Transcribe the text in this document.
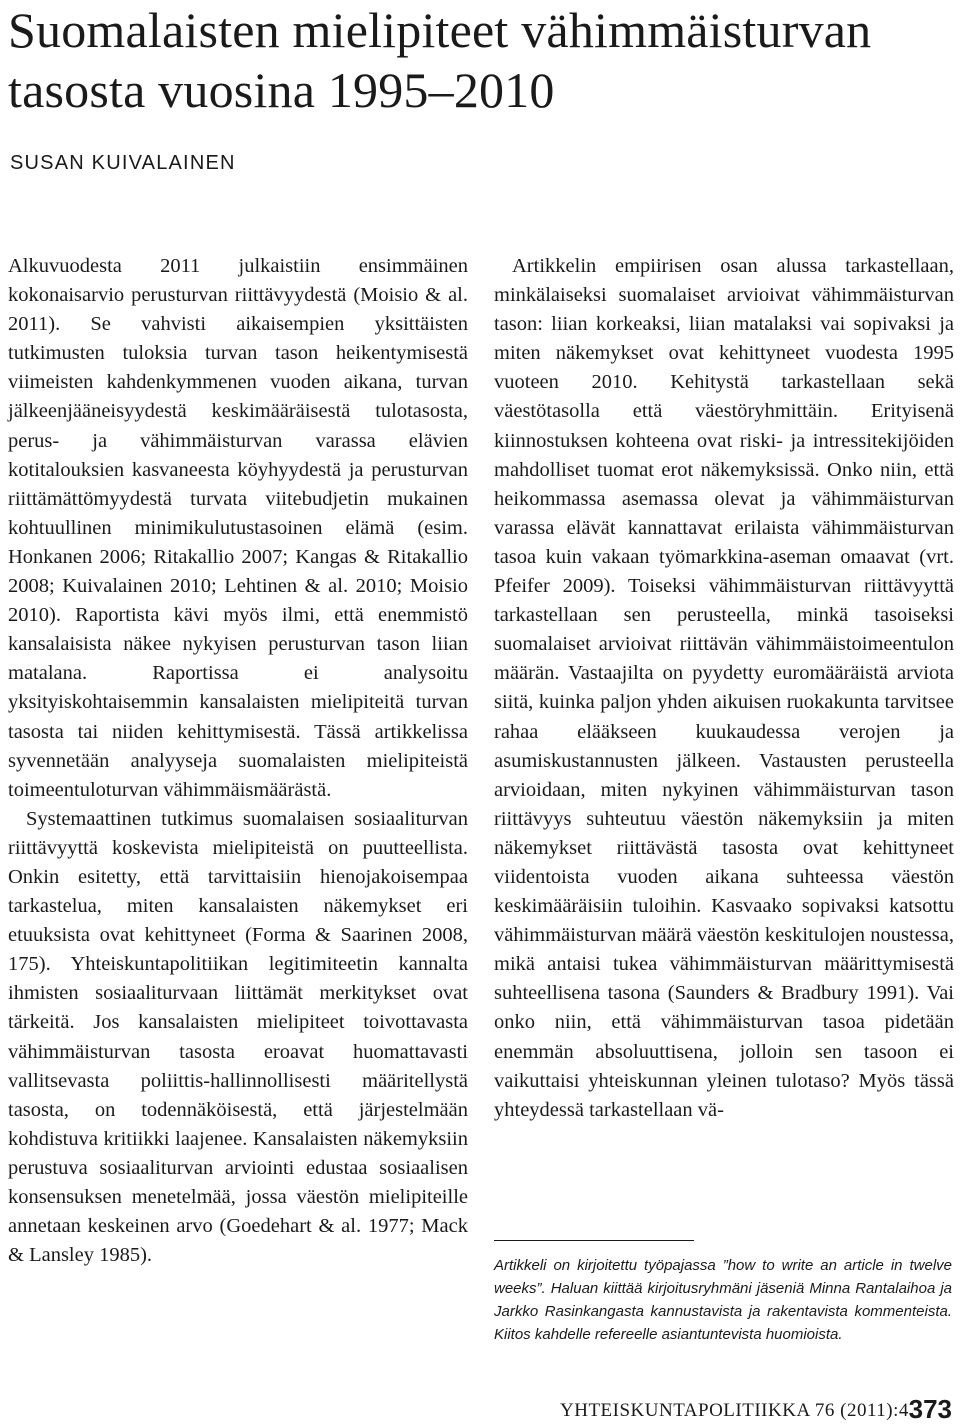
Suomalaisten mielipiteet vähimmäisturvan tasosta vuosina 1995–2010
SUSAN KUIVALAINEN

Alkuvuodesta 2011 julkaistiin ensimmäinen kokonaisarvio perusturvan riittävyydestä (Moisio & al. 2011). Se vahvisti aikaisempien yksittäisten tutkimusten tuloksia turvan tason heikentymisestä viimeisten kahdenkymmenen vuoden aikana, turvan jälkeenjääneisyydestä keskimääräisestä tulotasosta, perus- ja vähimmäisturvan varassa elävien kotitalouksien kasvaneesta köyhyydestä ja perusturvan riittämättömyydestä turvata viitebudjetin mukainen kohtuullinen minimikulutustasoinen elämä (esim. Honkanen 2006; Ritakallio 2007; Kangas & Ritakallio 2008; Kuivalainen 2010; Lehtinen & al. 2010; Moisio 2010). Raportista kävi myös ilmi, että enemmistö kansalaisista näkee nykyisen perusturvan tason liian matalana. Raportissa ei analysoitu yksityiskohtaisemmin kansalaisten mielipiteitä turvan tasosta tai niiden kehittymisestä. Tässä artikkelissa syvennetään analyyseja suomalaisten mielipiteistä toimeentuloturvan vähimmäismäärästä.

Systemaattinen tutkimus suomalaisen sosiaaliturvan riittävyyttä koskevista mielipiteistä on puutteellista. Onkin esitetty, että tarvittaisiin hienojakoisempaa tarkastelua, miten kansalaisten näkemykset eri etuuksista ovat kehittyneet (Forma & Saarinen 2008, 175). Yhteiskuntapolitiikan legitimiteetin kannalta ihmisten sosiaaliturvaan liittämät merkitykset ovat tärkeitä. Jos kansalaisten mielipiteet toivottavasta vähimmäisturvan tasosta eroavat huomattavasti vallitsevasta poliittis-hallinnollisesti määritellystä tasosta, on todennäköisestä, että järjestelmään kohdistuva kritiikki laajenee. Kansalaisten näkemyksiin perustuva sosiaaliturvan arviointi edustaa sosiaalisen konsensuksen menetelmää, jossa väestön mielipiteille annetaan keskeinen arvo (Goedehart & al. 1977; Mack & Lansley 1985).

Artikkelin empiirisen osan alussa tarkastellaan, minkälaiseksi suomalaiset arvioivat vähimmäisturvan tason: liian korkeaksi, liian matalaksi vai sopivaksi ja miten näkemykset ovat kehittyneet vuodesta 1995 vuoteen 2010. Kehitystä tarkastellaan sekä väestötasolla että väestöryhmittäin. Erityisenä kiinnostuksen kohteena ovat riski- ja intressitekijöiden mahdolliset tuomat erot näkemyksissä. Onko niin, että heikommassa asemassa olevat ja vähimmäisturvan varassa elävät kannattavat erilaista vähimmäisturvan tasoa kuin vakaan työmarkkina-aseman omaavat (vrt. Pfeifer 2009). Toiseksi vähimmäisturvan riittävyyttä tarkastellaan sen perusteella, minkä tasoiseksi suomalaiset arvioivat riittävän vähimmäistoimeentulon määrän. Vastaajilta on pyydetty euromääräistä arviota siitä, kuinka paljon yhden aikuisen ruokakunta tarvitsee rahaa elääkseen kuukaudessa verojen ja asumiskustannusten jälkeen. Vastausten perusteella arvioidaan, miten nykyinen vähimmäisturvan tason riittävyys suhteutuu väestön näkemyksiin ja miten näkemykset riittävästä tasosta ovat kehittyneet viidentoista vuoden aikana suhteessa väestön keskimääräisiin tuloihin. Kasvaako sopivaksi katsottu vähimmäisturvan määrä väestön keskitulojen noustessa, mikä antaisi tukea vähimmäisturvan määrittymisestä suhteellisena tasona (Saunders & Bradbury 1991). Vai onko niin, että vähimmäisturvan tasoa pidetään enemmän absoluuttisena, jolloin sen tasoon ei vaikuttaisi yhteiskunnan yleinen tulotaso? Myös tässä yhteydessä tarkastellaan vä-

Artikkeli on kirjoitettu työpajassa ”how to write an article in twelve weeks”. Haluan kiittää kirjoitusryhmäni jäseniä Minna Rantalaihoa ja Jarkko Rasinkangasta kannustavista ja rakentavista kommenteista. Kiitos kahdelle refereelle asiantuntevista huomioista.
YHTEISKUNTAPOLITIIKKA 76 (2011):4 373
